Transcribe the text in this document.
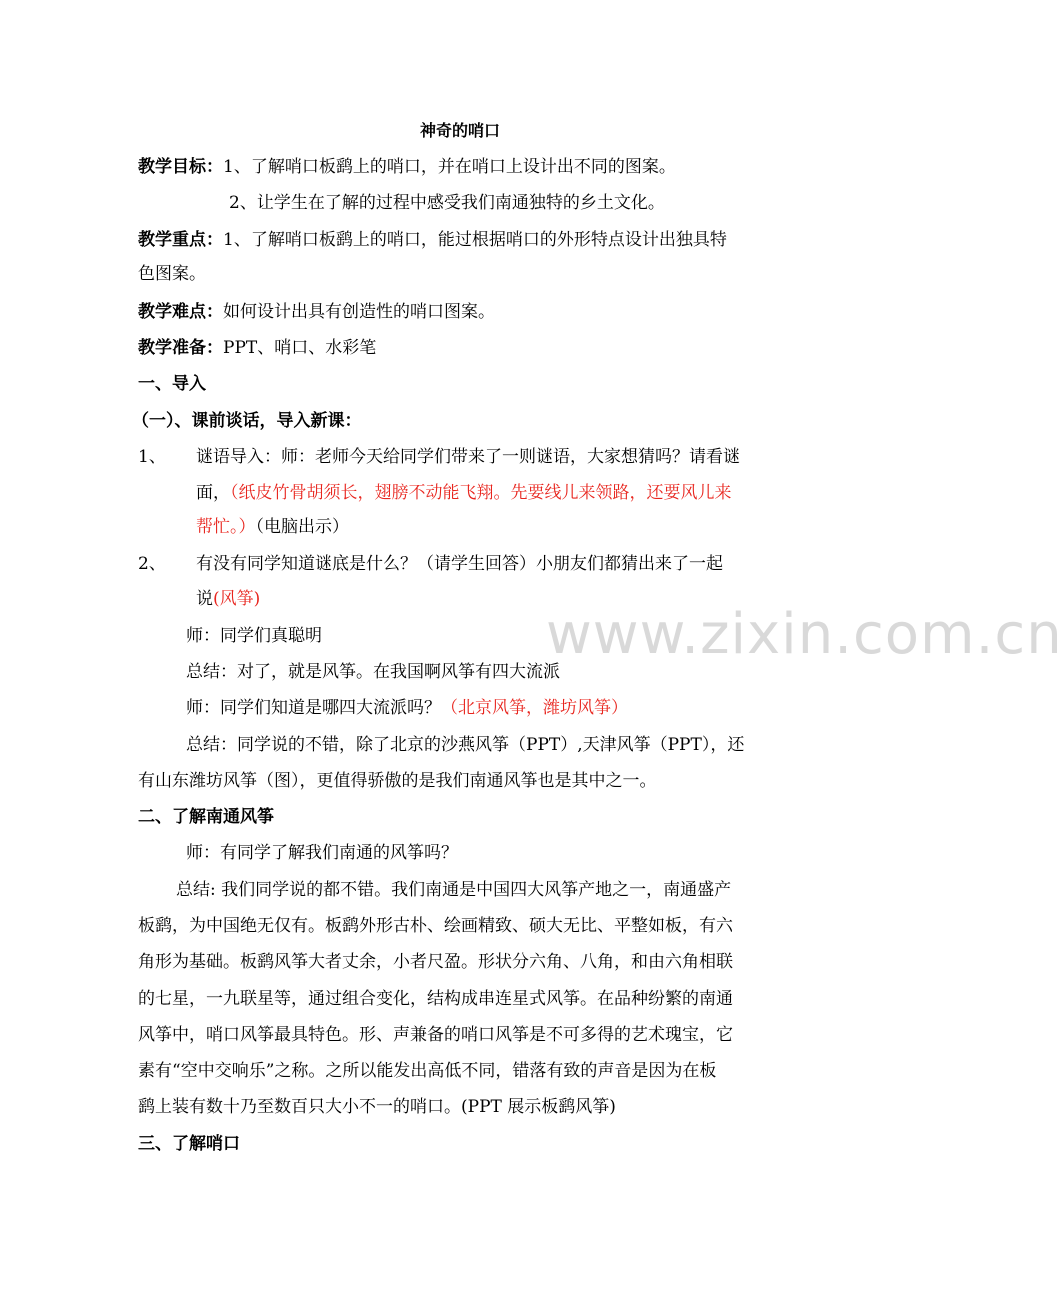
www.zixin.com.cn
神奇的哨口
教学目标：1、了解哨口板鹞上的哨口，并在哨口上设计出不同的图案。
2、让学生在了解的过程中感受我们南通独特的乡土文化。
教学重点：1、了解哨口板鹞上的哨口，能过根据哨口的外形特点设计出独具特
色图案。
教学难点：如何设计出具有创造性的哨口图案。
教学准备：PPT、哨口、水彩笔
一、导入
（一）、课前谈话，导入新课：
1、 谜语导入：师：老师今天给同学们带来了一则谜语，大家想猜吗？请看谜
面，（纸皮竹骨胡须长，翅膀不动能飞翔。先要线儿来领路，还要风儿来
帮忙。）（电脑出示）
2、 有没有同学知道谜底是什么？（请学生回答）小朋友们都猜出来了一起
说(风筝)
师：同学们真聪明
总结：对了，就是风筝。在我国啊风筝有四大流派
师：同学们知道是哪四大流派吗？（北京风筝，潍坊风筝）
总结：同学说的不错，除了北京的沙燕风筝（PPT）,天津风筝（PPT），还
有山东潍坊风筝（图），更值得骄傲的是我们南通风筝也是其中之一。
二、了解南通风筝
师：有同学了解我们南通的风筝吗？
总结: 我们同学说的都不错。我们南通是中国四大风筝产地之一，南通盛产
板鹞，为中国绝无仅有。板鹞外形古朴、绘画精致、硕大无比、平整如板，有六
角形为基础。板鹞风筝大者丈余，小者尺盈。形状分六角、八角，和由六角相联
的七星，一九联星等，通过组合变化，结构成串连星式风筝。在品种纷繁的南通
风筝中，哨口风筝最具特色。形、声兼备的哨口风筝是不可多得的艺术瑰宝，它
素有“空中交响乐”之称。之所以能发出高低不同，错落有致的声音是因为在板
鹞上装有数十乃至数百只大小不一的哨口。(PPT 展示板鹞风筝)
三、了解哨口
